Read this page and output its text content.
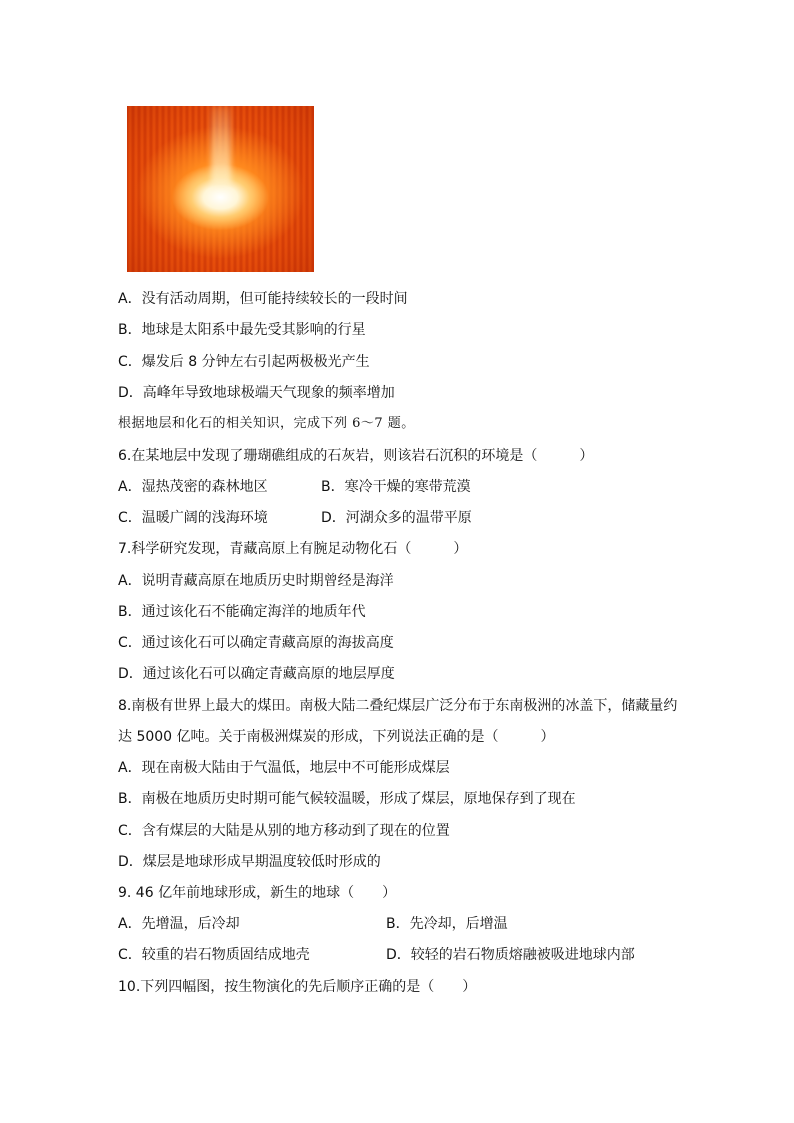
A．没有活动周期，但可能持续较长的一段时间
B．地球是太阳系中最先受其影响的行星
C．爆发后 8 分钟左右引起两极极光产生
D．高峰年导致地球极端天气现象的频率增加
根据地层和化石的相关知识，完成下列 6～7 题。
6.在某地层中发现了珊瑚礁组成的石灰岩，则该岩石沉积的环境是（　　　）
A．湿热茂密的森林地区	B．寒冷干燥的寒带荒漠
C．温暖广阔的浅海环境	D．河湖众多的温带平原
7.科学研究发现，青藏高原上有腕足动物化石（　　　）
A．说明青藏高原在地质历史时期曾经是海洋
B．通过该化石不能确定海洋的地质年代
C．通过该化石可以确定青藏高原的海拔高度
D．通过该化石可以确定青藏高原的地层厚度
8.南极有世界上最大的煤田。南极大陆二叠纪煤层广泛分布于东南极洲的冰盖下，储藏量约
达 5000 亿吨。关于南极洲煤炭的形成，下列说法正确的是（　　　）
A．现在南极大陆由于气温低，地层中不可能形成煤层
B．南极在地质历史时期可能气候较温暖，形成了煤层，原地保存到了现在
C．含有煤层的大陆是从别的地方移动到了现在的位置
D．煤层是地球形成早期温度较低时形成的
9. 46 亿年前地球形成，新生的地球（　　）
A．先增温，后冷却	B．先冷却，后增温
C．较重的岩石物质固结成地壳	D．较轻的岩石物质熔融被吸进地球内部
10.下列四幅图，按生物演化的先后顺序正确的是（　　）
